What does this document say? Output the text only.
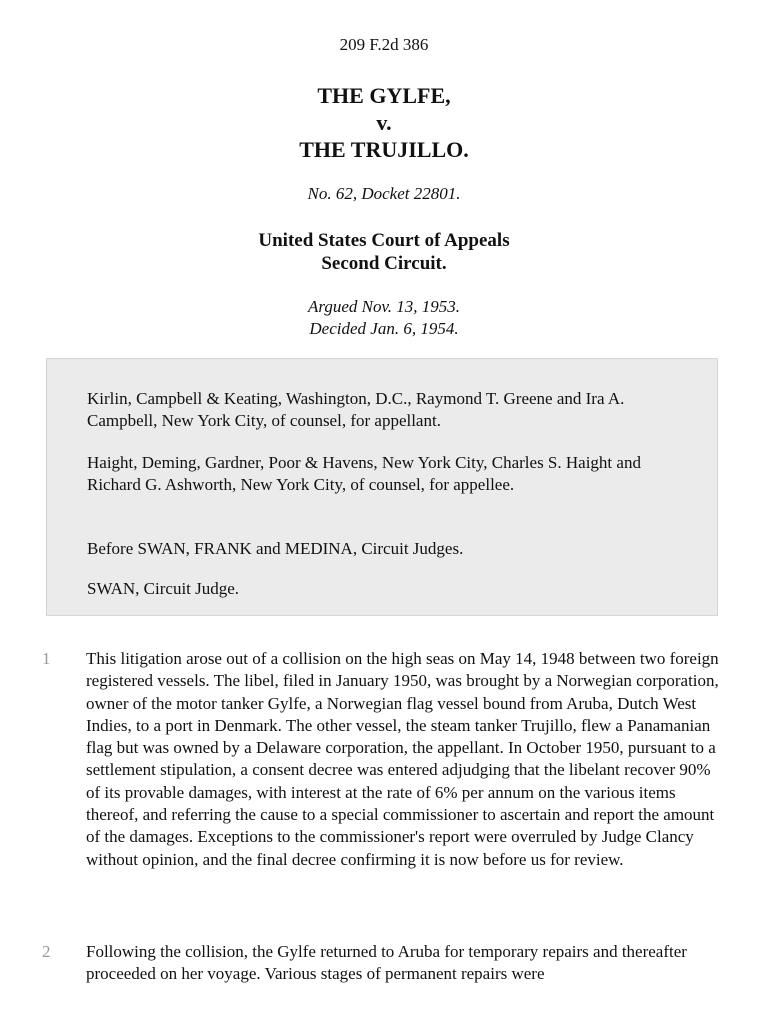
209 F.2d 386
THE GYLFE,
v.
THE TRUJILLO.
No. 62, Docket 22801.
United States Court of Appeals
Second Circuit.
Argued Nov. 13, 1953.
Decided Jan. 6, 1954.

Kirlin, Campbell & Keating, Washington, D.C., Raymond T. Greene and Ira A. Campbell, New York City, of counsel, for appellant.

Haight, Deming, Gardner, Poor & Havens, New York City, Charles S. Haight and Richard G. Ashworth, New York City, of counsel, for appellee.

Before SWAN, FRANK and MEDINA, Circuit Judges.

SWAN, Circuit Judge.

1	This litigation arose out of a collision on the high seas on May 14, 1948 between two foreign registered vessels. The libel, filed in January 1950, was brought by a Norwegian corporation, owner of the motor tanker Gylfe, a Norwegian flag vessel bound from Aruba, Dutch West Indies, to a port in Denmark. The other vessel, the steam tanker Trujillo, flew a Panamanian flag but was owned by a Delaware corporation, the appellant. In October 1950, pursuant to a settlement stipulation, a consent decree was entered adjudging that the libelant recover 90% of its provable damages, with interest at the rate of 6% per annum on the various items thereof, and referring the cause to a special commissioner to ascertain and report the amount of the damages. Exceptions to the commissioner's report were overruled by Judge Clancy without opinion, and the final decree confirming it is now before us for review.

2	Following the collision, the Gylfe returned to Aruba for temporary repairs and thereafter proceeded on her voyage. Various stages of permanent repairs were
